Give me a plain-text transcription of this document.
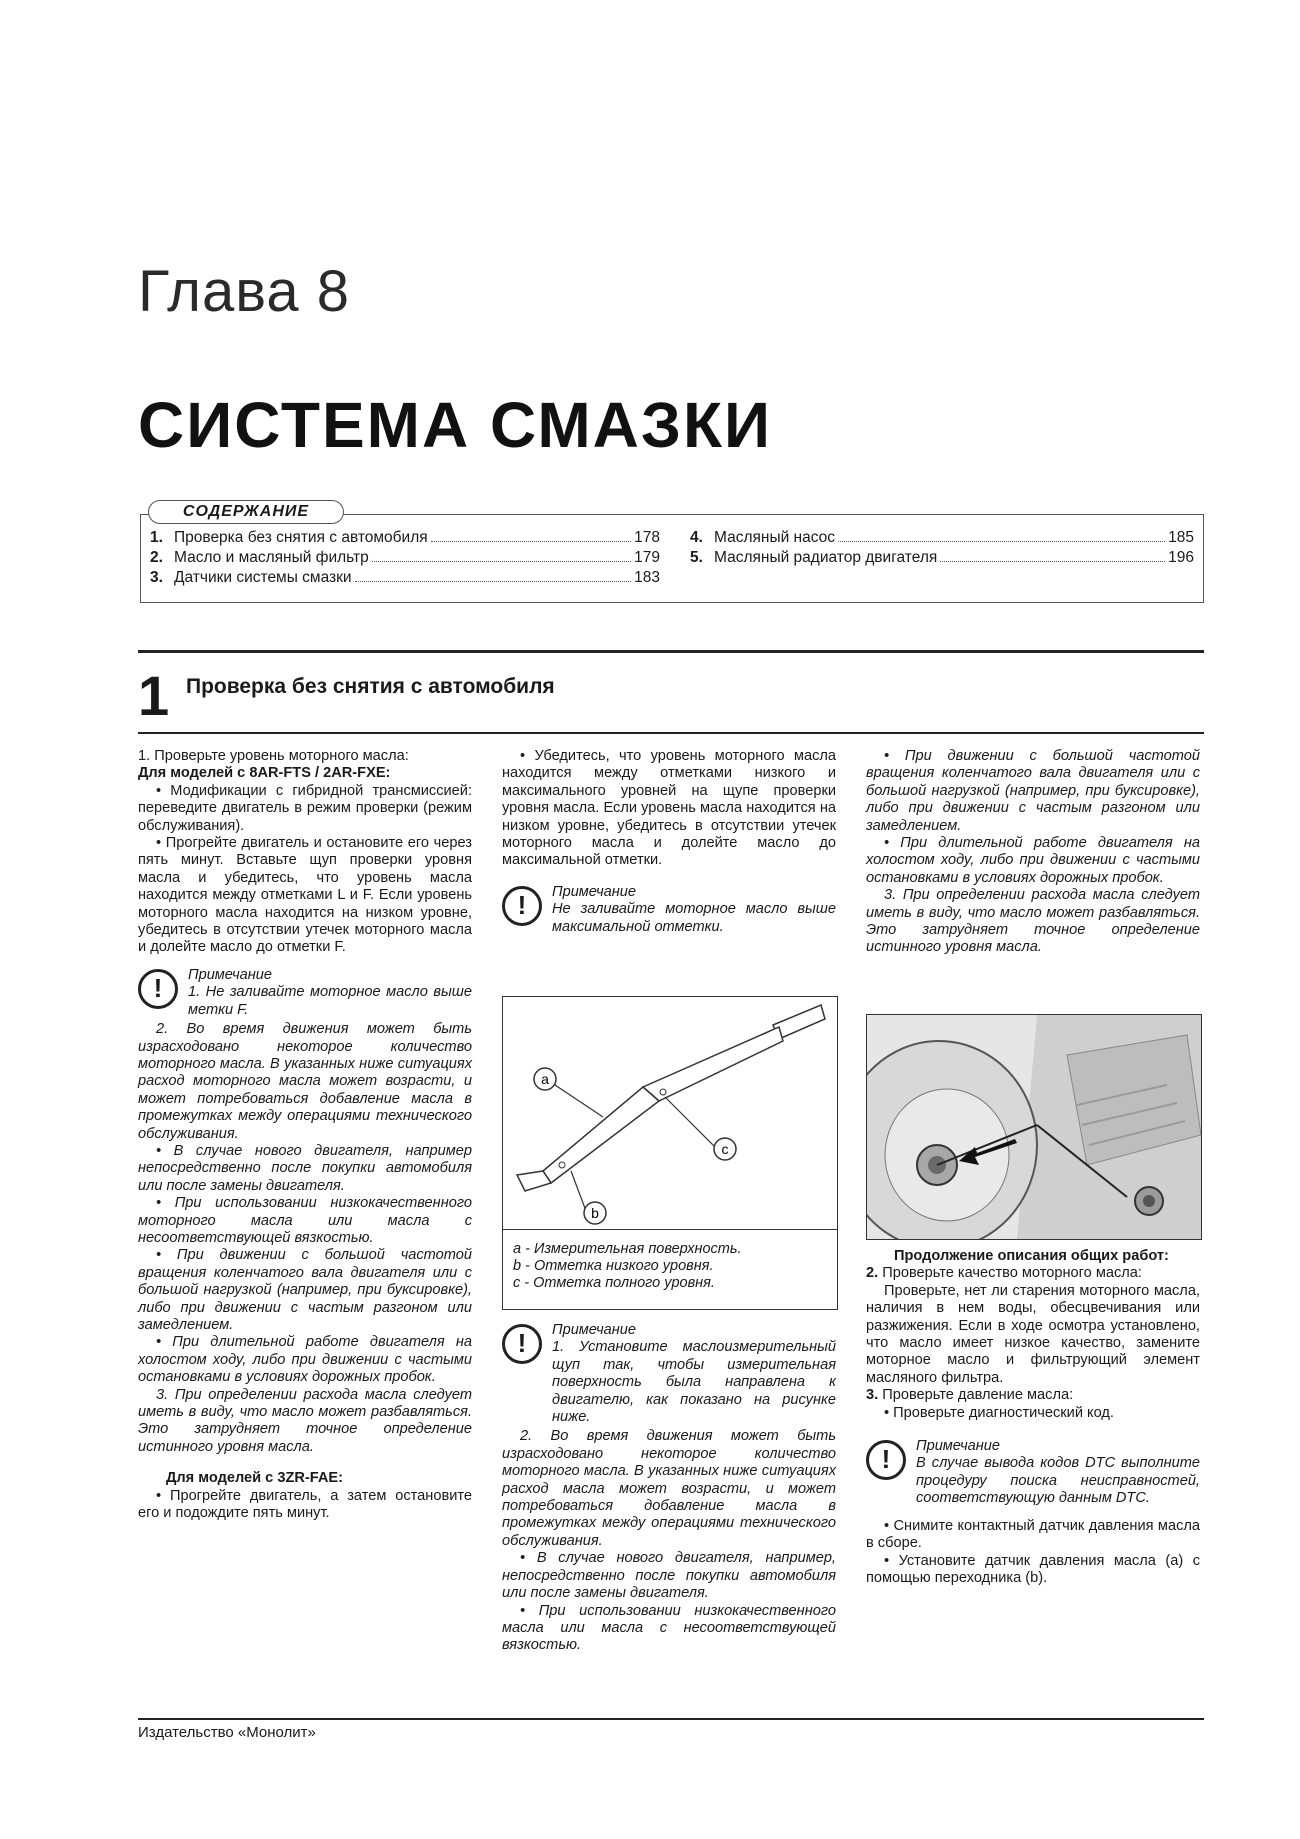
Глава 8
СИСТЕМА СМАЗКИ
СОДЕРЖАНИЕ
1. Проверка без снятия с автомобиля	178
2. Масло и масляный фильтр	179
3. Датчики системы смазки	183
4. Масляный насос	185
5. Масляный радиатор двигателя	196
1 Проверка без снятия с автомобиля

1. Проверьте уровень моторного масла:

Для моделей с 8AR-FTS / 2AR-FXE:

• Модификации с гибридной трансмиссией: переведите двигатель в режим проверки (режим обслуживания).

• Прогрейте двигатель и остановите его через пять минут. Вставьте щуп проверки уровня масла и убедитесь, что уровень масла находится между отметками L и F. Если уровень моторного масла находится на низком уровне, убедитесь в отсутствии утечек моторного масла и долейте масло до отметки F.

!	Примечание
1. Не заливайте моторное масло выше метки F.

2. Во время движения может быть израсходовано некоторое количество моторного масла. В указанных ниже ситуациях расход моторного масла может возрасти, и может потребоваться добавление масла в промежутках между операциями технического обслуживания.

• В случае нового двигателя, например непосредственно после покупки автомобиля или после замены двигателя.

• При использовании низкокачественного моторного масла или масла с несоответствующей вязкостью.

• При движении с большой частотой вращения коленчатого вала двигателя или с большой нагрузкой (например, при буксировке), либо при движении с частым разгоном или замедлением.

• При длительной работе двигателя на холостом ходу, либо при движении с частыми остановками в условиях дорожных пробок.

3. При определении расхода масла следует иметь в виду, что масло может разбавляться. Это затрудняет точное определение истинного уровня масла.

Для моделей с 3ZR-FAE:

• Прогрейте двигатель, а затем остановите его и подождите пять минут.

• Убедитесь, что уровень моторного масла находится между отметками низкого и максимального уровней на щупе проверки уровня масла. Если уровень масла находится на низком уровне, убедитесь в отсутствии утечек моторного масла и долейте масло до максимальной отметки.

!	Примечание
Не заливайте моторное масло выше максимальной отметки.
a
b
c
a - Измерительная поверхность.
b - Отметка низкого уровня.
c - Отметка полного уровня.
!	Примечание
1. Установите маслоизмерительный щуп так, чтобы измерительная поверхность была направлена к двигателю, как показано на рисунке ниже.

2. Во время движения может быть израсходовано некоторое количество моторного масла. В указанных ниже ситуациях расход масла может возрасти, и может потребоваться добавление масла в промежутках между операциями технического обслуживания.

• В случае нового двигателя, например, непосредственно после покупки автомобиля или после замены двигателя.

• При использовании низкокачественного масла или масла с несоответствующей вязкостью.

• При движении с большой частотой вращения коленчатого вала двигателя или с большой нагрузкой (например, при буксировке), либо при движении с частым разгоном или замедлением.

• При длительной работе двигателя на холостом ходу, либо при движении с частыми остановками в условиях дорожных пробок.

3. При определении расхода масла следует иметь в виду, что масло может разбавляться. Это затрудняет точное определение истинного уровня масла.

Продолжение описания общих работ:

2. Проверьте качество моторного масла:

Проверьте, нет ли старения моторного масла, наличия в нем воды, обесцвечивания или разжижения. Если в ходе осмотра установлено, что масло имеет низкое качество, замените моторное масло и фильтрующий элемент масляного фильтра.

3. Проверьте давление масла:

• Проверьте диагностический код.

!	Примечание
В случае вывода кодов DTC выполните процедуру поиска неисправностей, соответствующую данным DTC.

• Снимите контактный датчик давления масла в сборе.

• Установите датчик давления масла (a) с помощью переходника (b).

Издательство «Монолит»
